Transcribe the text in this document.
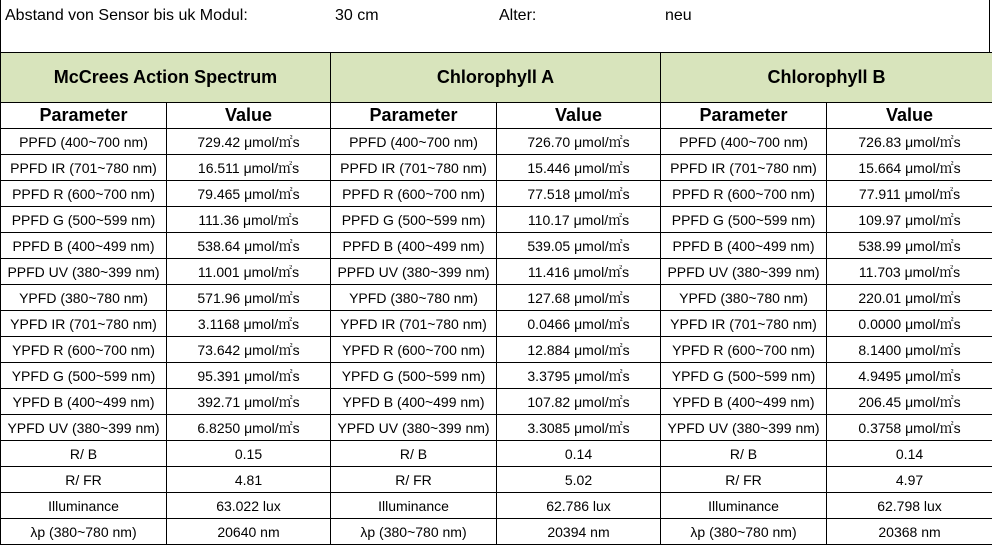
Abstand von Sensor bis uk Modul:	30 cm	Alter:	neu
McCrees Action Spectrum		Chlorophyll A		Chlorophyll B	
Parameter	Value	Parameter	Value	Parameter	Value
PPFD (400~700 nm)	729.42 μmol/㎡s	PPFD (400~700 nm)	726.70 μmol/㎡s	PPFD (400~700 nm)	726.83 μmol/㎡s
PPFD IR (701~780 nm)	16.511 μmol/㎡s	PPFD IR (701~780 nm)	15.446 μmol/㎡s	PPFD IR (701~780 nm)	15.664 μmol/㎡s
PPFD R (600~700 nm)	79.465 μmol/㎡s	PPFD R (600~700 nm)	77.518 μmol/㎡s	PPFD R (600~700 nm)	77.911 μmol/㎡s
PPFD G (500~599 nm)	111.36 μmol/㎡s	PPFD G (500~599 nm)	110.17 μmol/㎡s	PPFD G (500~599 nm)	109.97 μmol/㎡s
PPFD B (400~499 nm)	538.64 μmol/㎡s	PPFD B (400~499 nm)	539.05 μmol/㎡s	PPFD B (400~499 nm)	538.99 μmol/㎡s
PPFD UV (380~399 nm)	11.001 μmol/㎡s	PPFD UV (380~399 nm)	11.416 μmol/㎡s	PPFD UV (380~399 nm)	11.703 μmol/㎡s
YPFD (380~780 nm)	571.96 μmol/㎡s	YPFD (380~780 nm)	127.68 μmol/㎡s	YPFD (380~780 nm)	220.01 μmol/㎡s
YPFD IR (701~780 nm)	3.1168 μmol/㎡s	YPFD IR (701~780 nm)	0.0466 μmol/㎡s	YPFD IR (701~780 nm)	0.0000 μmol/㎡s
YPFD R (600~700 nm)	73.642 μmol/㎡s	YPFD R (600~700 nm)	12.884 μmol/㎡s	YPFD R (600~700 nm)	8.1400 μmol/㎡s
YPFD G (500~599 nm)	95.391 μmol/㎡s	YPFD G (500~599 nm)	3.3795 μmol/㎡s	YPFD G (500~599 nm)	4.9495 μmol/㎡s
YPFD B (400~499 nm)	392.71 μmol/㎡s	YPFD B (400~499 nm)	107.82 μmol/㎡s	YPFD B (400~499 nm)	206.45 μmol/㎡s
YPFD UV (380~399 nm)	6.8250 μmol/㎡s	YPFD UV (380~399 nm)	3.3085 μmol/㎡s	YPFD UV (380~399 nm)	0.3758 μmol/㎡s
R/ B	0.15	R/ B	0.14	R/ B	0.14
R/ FR	4.81	R/ FR	5.02	R/ FR	4.97
Illuminance	63.022 lux	Illuminance	62.786 lux	Illuminance	62.798 lux
λp (380~780 nm)	20640 nm	λp (380~780 nm)	20394 nm	λp (380~780 nm)	20368 nm
